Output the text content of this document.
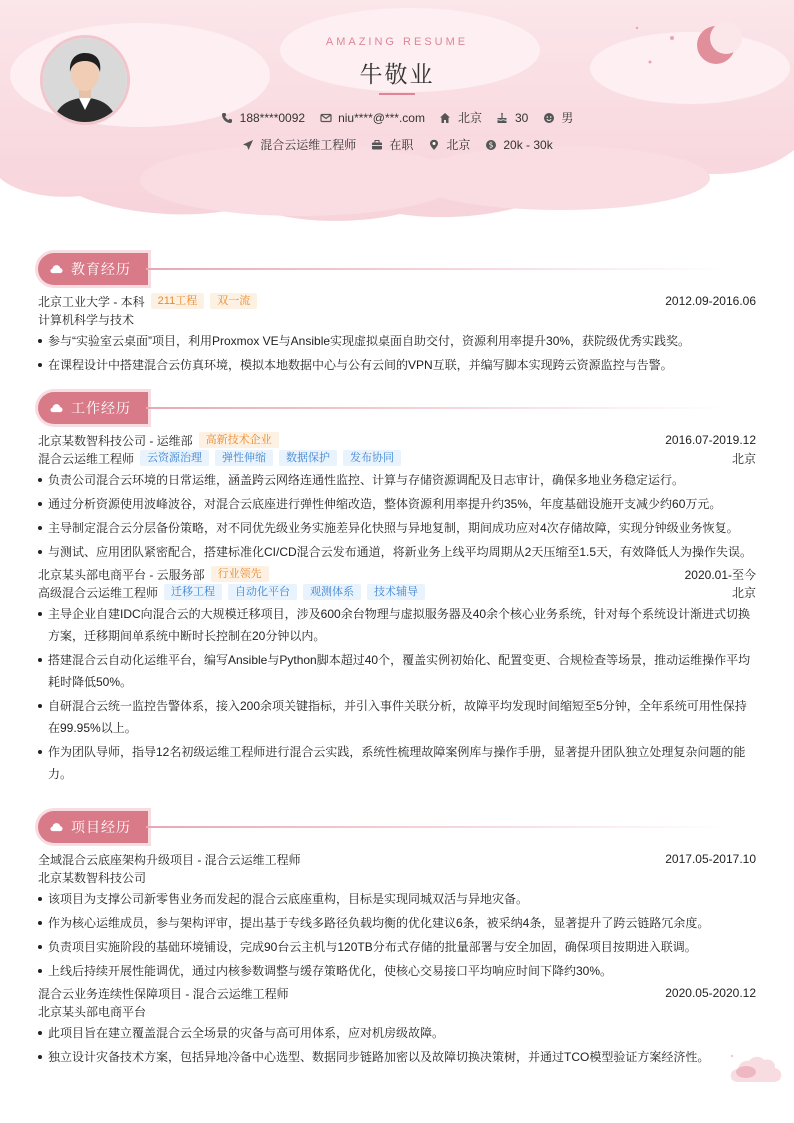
AMAZING RESUME
牛敬业
188****0092	niu****@***.com	北京	30	男
混合云运维工程师	在职	北京 $ 20k - 30k
教育经历
北京工业大学 - 本科	211工程	双一流	2012.09-2016.06
计算机科学与技术
参与“实验室云桌面”项目，利用Proxmox VE与Ansible实现虚拟桌面自助交付，资源利用率提升30%，获院级优秀实践奖。
在课程设计中搭建混合云仿真环境，模拟本地数据中心与公有云间的VPN互联，并编写脚本实现跨云资源监控与告警。
工作经历
北京某数智科技公司 - 运维部	高新技术企业	2016.07-2019.12
混合云运维工程师	云资源治理	弹性伸缩	数据保护	发布协同	北京
负责公司混合云环境的日常运维，涵盖跨云网络连通性监控、计算与存储资源调配及日志审计，确保多地业务稳定运行。
通过分析资源使用波峰波谷，对混合云底座进行弹性伸缩改造，整体资源利用率提升约35%，年度基础设施开支减少约60万元。
主导制定混合云分层备份策略，对不同优先级业务实施差异化快照与异地复制，期间成功应对4次存储故障，实现分钟级业务恢复。
与测试、应用团队紧密配合，搭建标准化CI/CD混合云发布通道，将新业务上线平均周期从2天压缩至1.5天，有效降低人为操作失误。
北京某头部电商平台 - 云服务部	行业领先	2020.01-至今
高级混合云运维工程师	迁移工程	自动化平台	观测体系	技术辅导	北京
主导企业自建IDC向混合云的大规模迁移项目，涉及600余台物理与虚拟服务器及40余个核心业务系统，针对每个系统设计渐进式切换方案，迁移期间单系统中断时长控制在20分钟以内。
搭建混合云自动化运维平台，编写Ansible与Python脚本超过40个，覆盖实例初始化、配置变更、合规检查等场景，推动运维操作平均耗时降低50%。
自研混合云统一监控告警体系，接入200余项关键指标，并引入事件关联分析，故障平均发现时间缩短至5分钟，全年系统可用性保持在99.95%以上。
作为团队导师，指导12名初级运维工程师进行混合云实践，系统性梳理故障案例库与操作手册，显著提升团队独立处理复杂问题的能力。
项目经历
全域混合云底座架构升级项目 - 混合云运维工程师	2017.05-2017.10
北京某数智科技公司
该项目为支撑公司新零售业务而发起的混合云底座重构，目标是实现同城双活与异地灾备。
作为核心运维成员，参与架构评审，提出基于专线多路径负载均衡的优化建议6条，被采纳4条，显著提升了跨云链路冗余度。
负责项目实施阶段的基础环境铺设，完成90台云主机与120TB分布式存储的批量部署与安全加固，确保项目按期进入联调。
上线后持续开展性能调优，通过内核参数调整与缓存策略优化，使核心交易接口平均响应时间下降约30%。
混合云业务连续性保障项目 - 混合云运维工程师	2020.05-2020.12
北京某头部电商平台
此项目旨在建立覆盖混合云全场景的灾备与高可用体系，应对机房级故障。
独立设计灾备技术方案，包括异地冷备中心选型、数据同步链路加密以及故障切换决策树，并通过TCO模型验证方案经济性。
